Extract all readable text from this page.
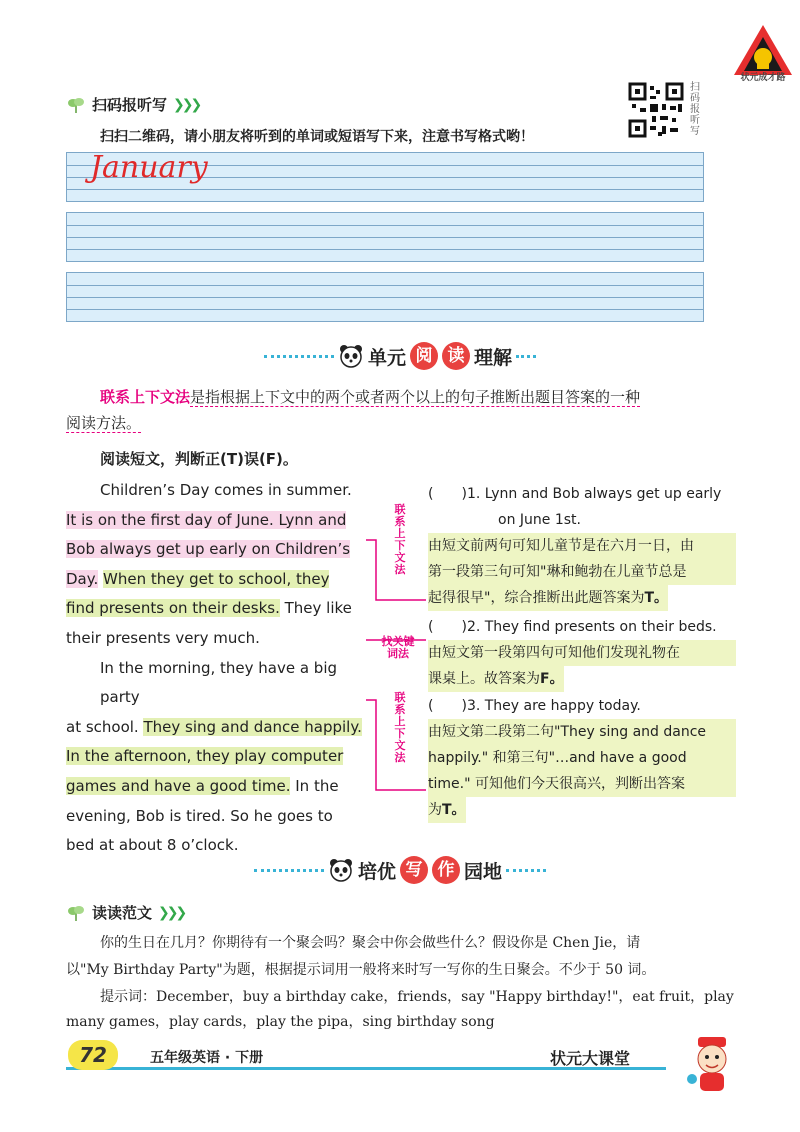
状元成才路
扫码报听写 ❯❯❯
扫扫二维码，请小朋友将听到的单词或短语写下来，注意书写格式哟！
扫码报听写
January
单元 阅 读 理解
联系上下文法是指根据上下文中的两个或者两个以上的句子推断出题目答案的一种
阅读方法。
阅读短文，判断正(T)误(F)。
Children’s Day comes in summer.
It is on the first day of June. Lynn and
Bob always get up early on Children’s
Day. When they get to school, they
find presents on their desks. They like
their presents very much.
In the morning, they have a big party
at school. They sing and dance happily.
In the afternoon, they play computer
games and have a good time. In the
evening, Bob is tired. So he goes to
bed at about 8 o’clock.
联系上下文法
找关键词法
联系上下文法
(　　)1. Lynn and Bob always get up early
on June 1st.
由短文前两句可知儿童节是在六月一日，由
第一段第三句可知"琳和鲍勃在儿童节总是
起得很早"，综合推断出此题答案为T。
(　　)2. They find presents on their beds.
由短文第一段第四句可知他们发现礼物在
课桌上。故答案为F。
(　　)3. They are happy today.
由短文第二段第二句"They sing and dance
happily." 和第三句"…and have a good
time." 可知他们今天很高兴，判断出答案
为T。
培优 写 作 园地
读读范文 ❯❯❯
你的生日在几月？你期待有一个聚会吗？聚会中你会做些什么？假设你是 Chen Jie，请
以"My Birthday Party"为题，根据提示词用一般将来时写一写你的生日聚会。不少于 50 词。
提示词：December，buy a birthday cake，friends，say "Happy birthday!"，eat fruit，play
many games，play cards，play the pipa，sing birthday song
72	五年级英语 · 下册	状元大课堂
